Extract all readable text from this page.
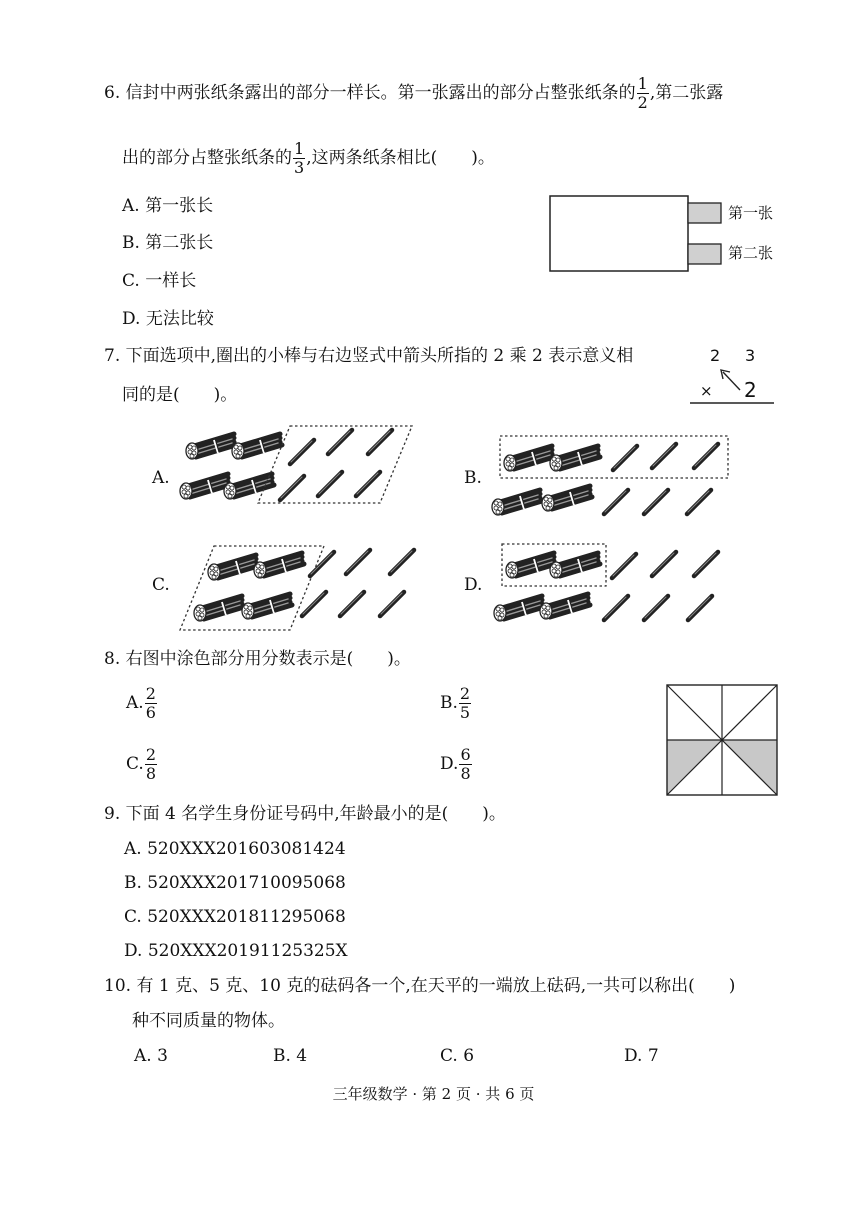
6. 信封中两张纸条露出的部分一样长。第一张露出的部分占整张纸条的 $\frac{1}{2}$ ,第二张露
出的部分占整张纸条的 $\frac{1}{3}$ ,这两条纸条相比(　　)。
A. 第一张长
B. 第二张长
C. 一样长
D. 无法比较
第一张
第二张
7. 下面选项中,圈出的小棒与右边竖式中箭头所指的 2 乘 2 表示意义相
同的是(　　)。
2 3
× 2
A.	B.
C.	D.
8. 右图中涂色部分用分数表示是(　　)。
A. $\frac{2}{6}$	B. $\frac{2}{5}$
C. $\frac{2}{8}$	D. $\frac{6}{8}$
9. 下面 4 名学生身份证号码中,年龄最小的是(　　)。
A. 520XXX201603081424
B. 520XXX201710095068
C. 520XXX201811295068
D. 520XXX20191125325X
10. 有 1 克、5 克、10 克的砝码各一个,在天平的一端放上砝码,一共可以称出(　　)
种不同质量的物体。
A. 3	B. 4	C. 6	D. 7
三年级数学 · 第 2 页 · 共 6 页
